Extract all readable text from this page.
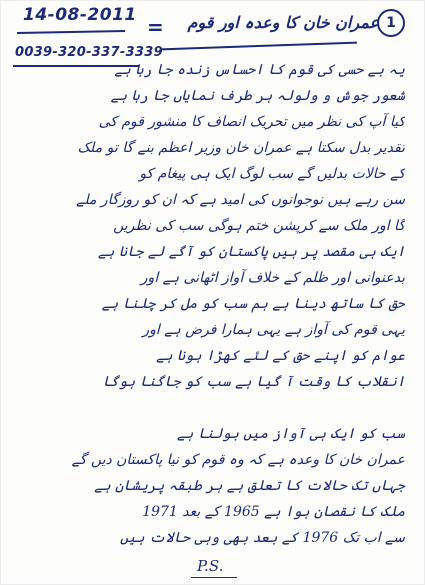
14-08-2011
0039-320-337-3339
=	عمران خان کا وعدہ اور قوم 1
یہ بے حسی کی قوم کا احساس زندہ جا رہا ہے
شعور جوش و ولولہ ہر طرف نمایاں جا رہا ہے
کیا آپ کی نظر میں تحریک انصاف کا منشور قوم کی
تقدیر بدل سکتا ہے عمران خان وزیر اعظم بنے گا تو ملک
کے حالات بدلیں گے سب لوگ ایک ہی پیغام کو
سن رہے ہیں نوجوانوں کی امید ہے کہ ان کو روزگار ملے
گا اور ملک سے کرپشن ختم ہوگی سب کی نظریں
ایک ہی مقصد پر ہیں پاکستان کو آگے لے جانا ہے
بدعنوانی اور ظلم کے خلاف آواز اٹھانی ہے اور
حق کا ساتھ دینا ہے ہم سب کو مل کر چلنا ہے
یہی قوم کی آواز ہے یہی ہمارا فرض ہے اور
عوام کو اپنے حق کے لئے کھڑا ہونا ہے
انقلاب کا وقت آ گیا ہے سب کو جاگنا ہوگا
سب کو ایک ہی آواز میں بولنا ہے
عمران خان کا وعدہ ہے کہ وہ قوم کو نیا پاکستان دیں گے
جہاں تک حالات کا تعلق ہے ہر طبقہ پریشان ہے
ملک کا نقصان ہوا ہے 1965 کے بعد 1971
سے اب تک 1976 کے بعد بھی وہی حالات ہیں
P.S.
